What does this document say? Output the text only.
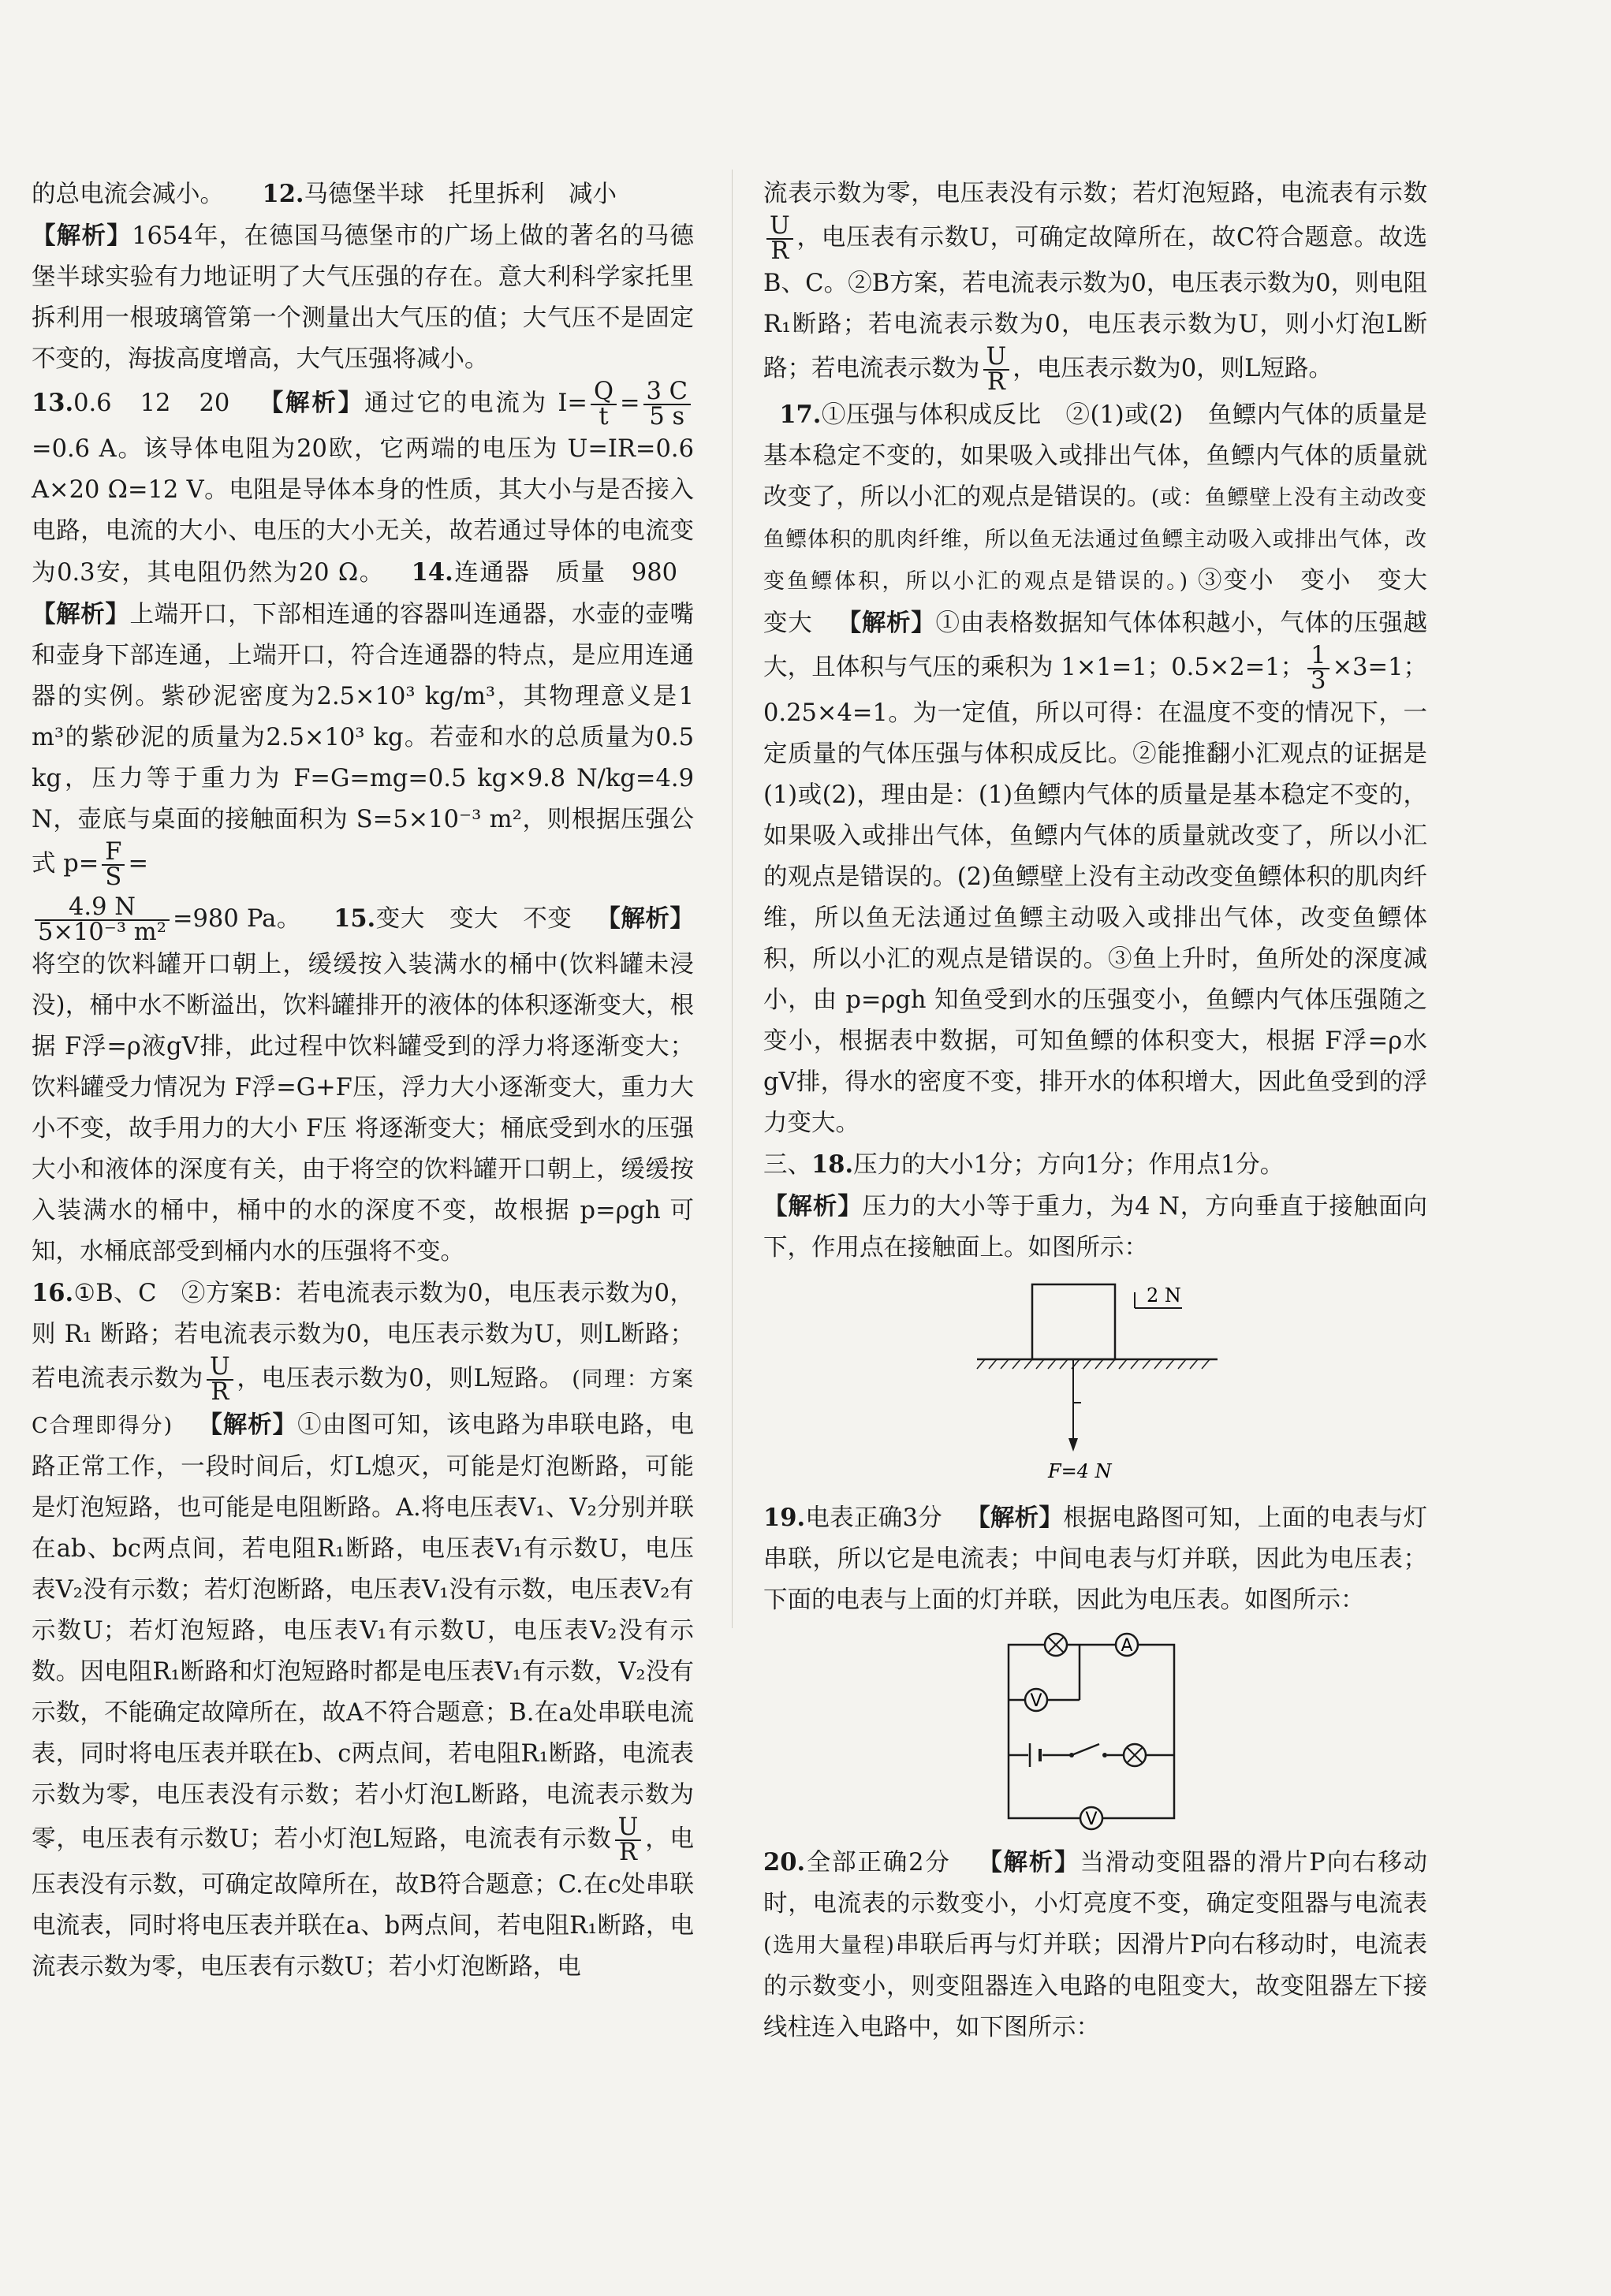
的总电流会减小。 12.马德堡半球　托里拆利　减小

【解析】1654年，在德国马德堡市的广场上做的著名的马德堡半球实验有力地证明了大气压强的存在。意大利科学家托里拆利用一根玻璃管第一个测量出大气压的值；大气压不是固定不变的，海拔高度增高，大气压强将减小。

13.0.6　12　20 【解析】通过它的电流为 $I= \frac{Q}{t} = \frac{3 C}{5 s}$
=0.6 A。该导体电阻为20欧，它两端的电压为 U=IR=0.6 A×20 Ω=12 V。电阻是导体本身的性质，其大小与是否接入电路，电流的大小、电压的大小无关，故若通过导体的电流变为0.3安，其电阻仍然为20 Ω。 14.连通器　质量　980   【解析】上端开口，下部相连通的容器叫连通器，水壶的壶嘴和壶身下部连通，上端开口，符合连通器的特点，是应用连通器的实例。紫砂泥密度为2.5×10³ kg/m³，其物理意义是1 m³的紫砂泥的质量为2.5×10³ kg。若壶和水的总质量为0.5 kg，压力等于重力为 F=G=mg=0.5 kg×9.8 N/kg=4.9 N，壶底与桌面的接触面积为 S=5×10⁻³ m²，则根据压强公式 $p= \frac{F}{S}$ =

$\frac{4.9 N}{\text{5×10⁻³ m²}} =980$ Pa。 15.变大　变大　不变 【解析】将空的饮料罐开口朝上，缓缓按入装满水的桶中(饮料罐未浸没)，桶中水不断溢出，饮料罐排开的液体的体积逐渐变大，根据 F浮=ρ液gV排，此过程中饮料罐受到的浮力将逐渐变大；饮料罐受力情况为 F浮=G+F压，浮力大小逐渐变大，重力大小不变，故手用力的大小 F压 将逐渐变大；桶底受到水的压强大小和液体的深度有关，由于将空的饮料罐开口朝上，缓缓按入装满水的桶中，桶中的水的深度不变，故根据 p=ρgh 可知，水桶底部受到桶内水的压强将不变。

16.①B、C　②方案B：若电流表示数为0，电压表示数为0，则 R₁ 断路；若电流表示数为0，电压表示数为U，则L断路；若电流表示数为 $\frac{U}{R}$ ，电压表示数为0，则L短路。 (同理：方案C合理即得分) 【解析】①由图可知，该电路为串联电路，电路正常工作，一段时间后，灯L熄灭，可能是灯泡断路，可能是灯泡短路，也可能是电阻断路。A.将电压表V₁、V₂分别并联在ab、bc两点间，若电阻R₁断路，电压表V₁有示数U，电压表V₂没有示数；若灯泡断路，电压表V₁没有示数，电压表V₂有示数U；若灯泡短路，电压表V₁有示数U，电压表V₂没有示数。因电阻R₁断路和灯泡短路时都是电压表V₁有示数，V₂没有示数，不能确定故障所在，故A不符合题意；B.在a处串联电流表，同时将电压表并联在b、c两点间，若电阻R₁断路，电流表示数为零，电压表没有示数；若小灯泡L断路，电流表示数为零，电压表有示数U；若小灯泡L短路，电流表有示数 $\frac{U}{R}$ ，电压表没有示数，可确定故障所在，故B符合题意；C.在c处串联电流表，同时将电压表并联在a、b两点间，若电阻R₁断路，电流表示数为零，电压表有示数U；若小灯泡断路，电

流表示数为零，电压表没有示数；若灯泡短路，电流表有示数
$\frac{U}{R}$ ，电压表有示数U，可确定故障所在，故C符合题意。故选B、C。②B方案，若电流表示数为0，电压表示数为0，则电阻R₁断路；若电流表示数为0，电压表示数为U，则小灯泡L断路；若电流表示数为 $\frac{U}{R}$ ，电压表示数为0，则L短路。

17.①压强与体积成反比　②(1)或(2)　鱼鳔内气体的质量是基本稳定不变的，如果吸入或排出气体，鱼鳔内气体的质量就改变了，所以小汇的观点是错误的。(或：鱼鳔壁上没有主动改变鱼鳔体积的肌肉纤维，所以鱼无法通过鱼鳔主动吸入或排出气体，改变鱼鳔体积，所以小汇的观点是错误的。) ③变小　变小　变大　变大 【解析】①由表格数据知气体体积越小，气体的压强越大，且体积与气压的乘积为 1×1=1；0.5×2=1； $\frac{1}{3} \times 3=1$；0.25×4=1。为一定值，所以可得：在温度不变的情况下，一定质量的气体压强与体积成反比。②能推翻小汇观点的证据是(1)或(2)，理由是：(1)鱼鳔内气体的质量是基本稳定不变的，如果吸入或排出气体，鱼鳔内气体的质量就改变了，所以小汇的观点是错误的。(2)鱼鳔壁上没有主动改变鱼鳔体积的肌肉纤维，所以鱼无法通过鱼鳔主动吸入或排出气体，改变鱼鳔体积，所以小汇的观点是错误的。③鱼上升时，鱼所处的深度减小，由 p=ρgh 知鱼受到水的压强变小，鱼鳔内气体压强随之变小，根据表中数据，可知鱼鳔的体积变大，根据 F浮=ρ水gV排，得水的密度不变，排开水的体积增大，因此鱼受到的浮力变大。

三、18.压力的大小1分；方向1分；作用点1分。

【解析】压力的大小等于重力，为4 N，方向垂直于接触面向下，作用点在接触面上。如图所示：

2 N
F=4 N

19.电表正确3分 【解析】根据电路图可知，上面的电表与灯串联，所以它是电流表；中间电表与灯并联，因此为电压表；下面的电表与上面的灯并联，因此为电压表。如图所示：

A
V
V

20.全部正确2分 【解析】当滑动变阻器的滑片P向右移动时，电流表的示数变小，小灯亮度不变，确定变阻器与电流表(选用大量程)串联后再与灯并联；因滑片P向右移动时，电流表的示数变小，则变阻器连入电路的电阻变大，故变阻器左下接线柱连入电路中，如下图所示：
